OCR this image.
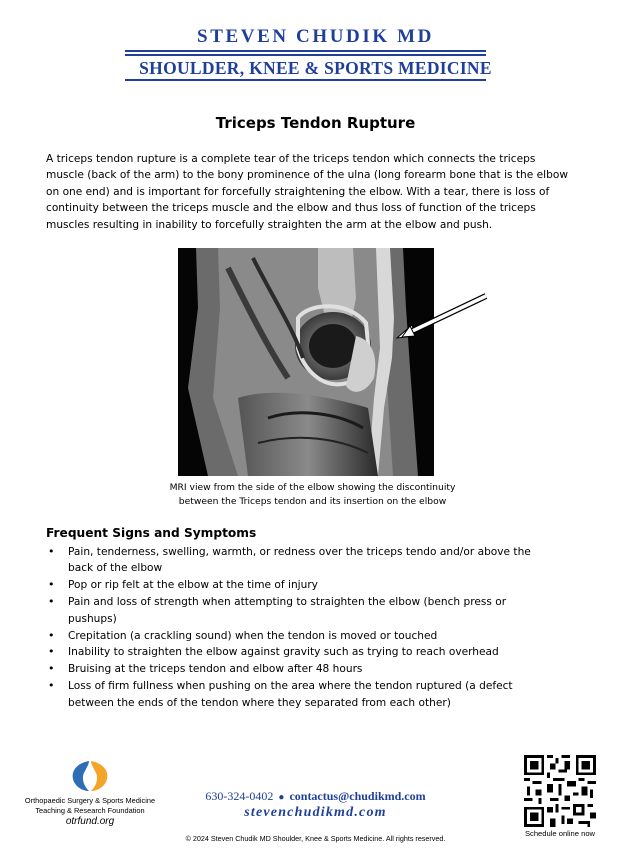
STEVEN CHUDIK MD
SHOULDER, KNEE & SPORTS MEDICINE
Triceps Tendon Rupture

A triceps tendon rupture is a complete tear of the triceps tendon which connects the triceps muscle (back of the arm) to the bony prominence of the ulna (long forearm bone that is the elbow on one end) and is important for forcefully straightening the elbow. With a tear, there is loss of continuity between the triceps muscle and the elbow and thus loss of function of the triceps muscles resulting in inability to forcefully straighten the arm at the elbow and push.

MRI view from the side of the elbow showing the discontinuity
between the Triceps tendon and its insertion on the elbow
Frequent Signs and Symptoms
• Pain, tenderness, swelling, warmth, or redness over the triceps tendo and/or above the back of the elbow
• Pop or rip felt at the elbow at the time of injury
• Pain and loss of strength when attempting to straighten the elbow (bench press or pushups)
• Crepitation (a crackling sound) when the tendon is moved or touched
• Inability to straighten the elbow against gravity such as trying to reach overhead
• Bruising at the triceps tendon and elbow after 48 hours
• Loss of firm fullness when pushing on the area where the tendon ruptured (a defect between the ends of the tendon where they separated from each other)
Orthopaedic Surgery & Sports Medicine
Teaching & Research Foundation
otrfund.org
630-324-0402 ● contactus@chudikmd.com
stevenchudikmd.com
© 2024 Steven Chudik MD Shoulder, Knee & Sports Medicine. All rights reserved.
Schedule online now
